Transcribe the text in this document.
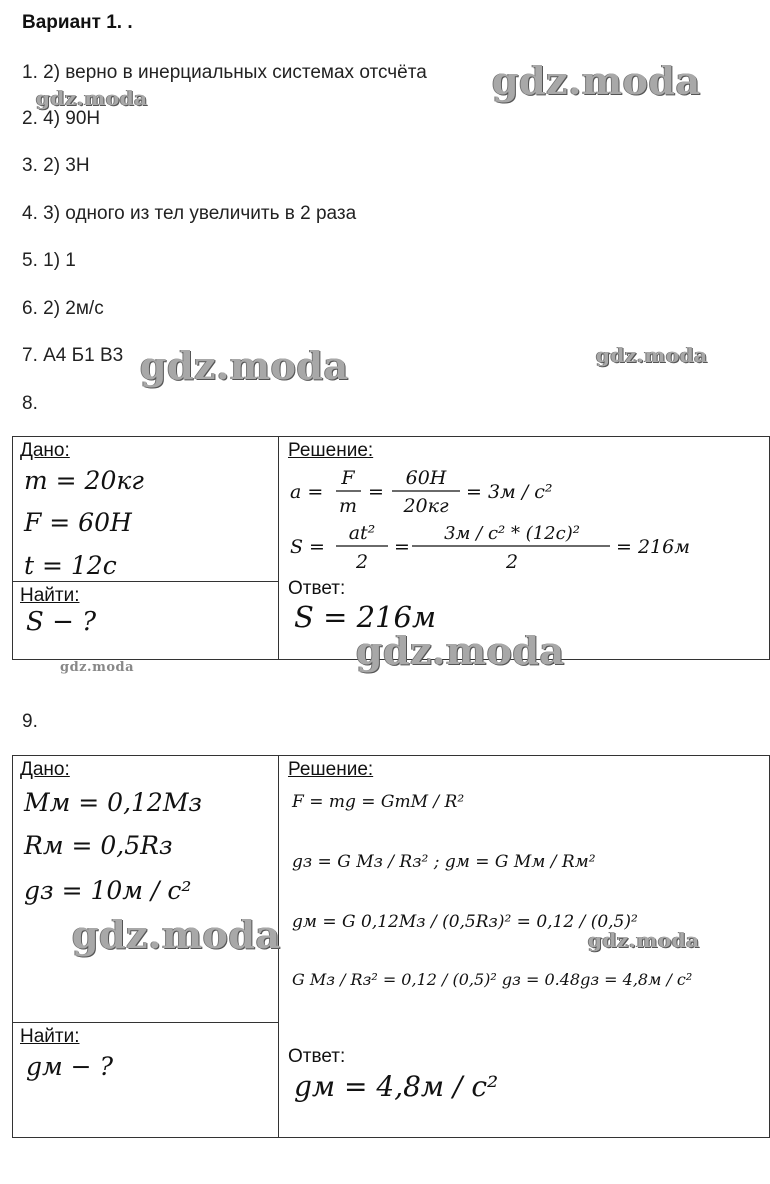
Вариант 1. .
1. 2) верно в инерциальных системах отсчёта
2. 4) 90Н
3. 2) 3Н
4. 3) одного из тел увеличить в 2 раза
5. 1) 1
6. 2) 2м/с
7. А4 Б1 В3
8.
Дано:
m = 20кг
F = 60H
t = 12c
Найти:
S − ?
Решение:
a =
F
m
=
60H
20кг
= 3м / c²
S =
at²
2
=
3м / c² * (12c)²
2
= 216м
Ответ:
S = 216м
9.
Дано:
Mм = 0,12Mз
Rм = 0,5Rз
gз = 10м / c²
Найти:
gм − ?
Решение:
F = mg = GmM / R²
gз = G Mз / Rз² ; gм = G Mм / Rм²
gм = G 0,12Mз / (0,5Rз)² = 0,12 / (0,5)²
G Mз / Rз² = 0,12 / (0,5)² gз = 0.48gз = 4,8м / c²
Ответ:
gм = 4,8м / c²
gdz.moda
gdz.moda
gdz.moda	gdz.moda
gdz.moda
gdz.moda
gdz.moda	gdz.moda
